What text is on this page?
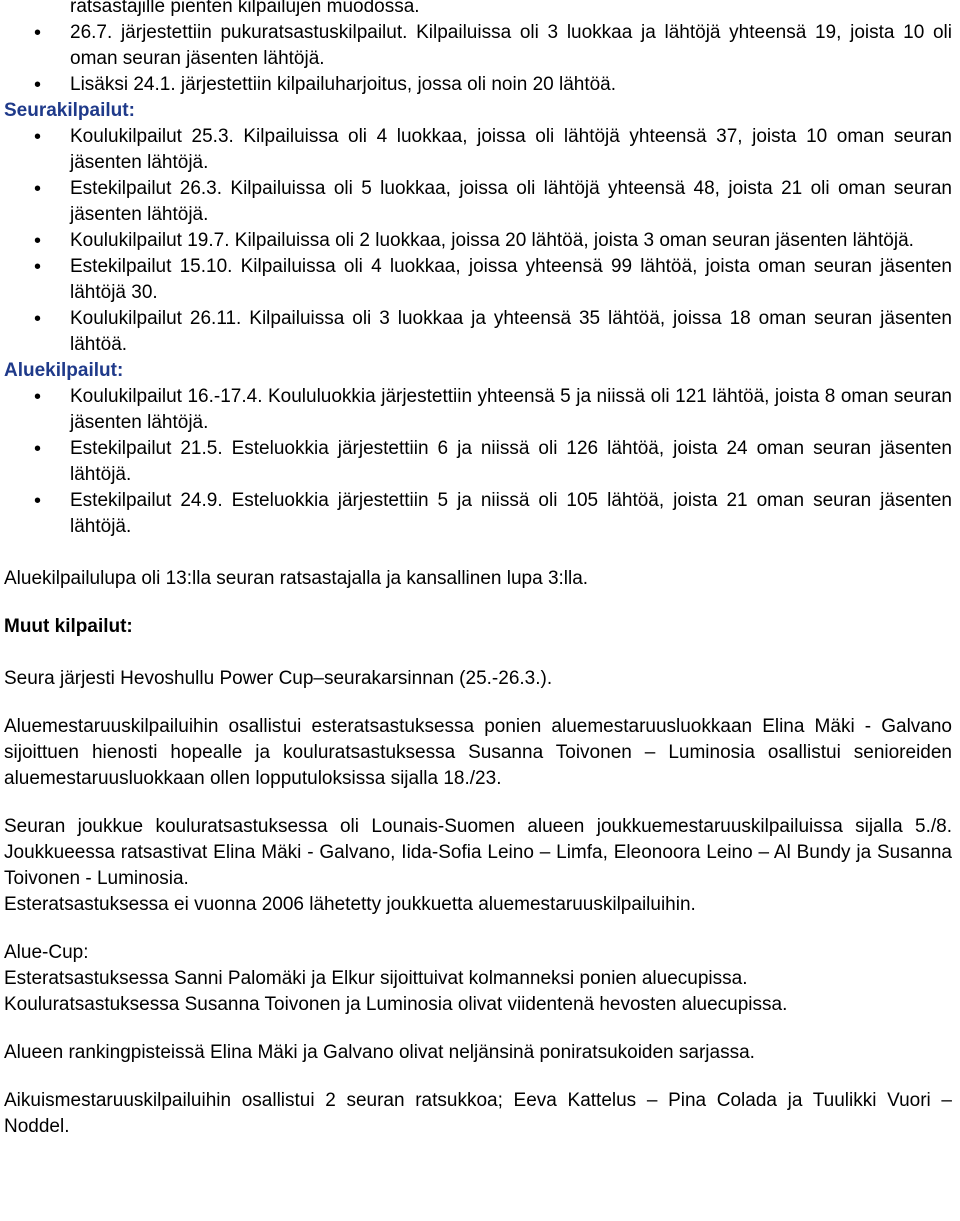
ratsastajille pienten kilpailujen muodossa.

• 26.7. järjestettiin pukuratsastuskilpailut. Kilpailuissa oli 3 luokkaa ja lähtöjä yhteensä 19, joista 10 oli oman seuran jäsenten lähtöjä.
• Lisäksi 24.1. järjestettiin kilpailuharjoitus, jossa oli noin 20 lähtöä.

Seurakilpailut:

• Koulukilpailut 25.3. Kilpailuissa oli 4 luokkaa, joissa oli lähtöjä yhteensä 37, joista 10 oman seuran jäsenten lähtöjä.
• Estekilpailut 26.3. Kilpailuissa oli 5 luokkaa, joissa oli lähtöjä yhteensä 48, joista 21 oli oman seuran jäsenten lähtöjä.
• Koulukilpailut 19.7. Kilpailuissa oli 2 luokkaa, joissa 20 lähtöä, joista 3 oman seuran jäsenten lähtöjä.
• Estekilpailut 15.10. Kilpailuissa oli 4 luokkaa, joissa yhteensä 99 lähtöä, joista oman seuran jäsenten lähtöjä 30.
• Koulukilpailut 26.11. Kilpailuissa oli 3 luokkaa ja yhteensä 35 lähtöä, joissa 18 oman seuran jäsenten lähtöä.

Aluekilpailut:

• Koulukilpailut 16.-17.4. Koululuokkia järjestettiin yhteensä 5 ja niissä oli 121 lähtöä, joista 8 oman seuran jäsenten lähtöjä.
• Estekilpailut 21.5. Esteluokkia järjestettiin 6 ja niissä oli 126 lähtöä, joista 24 oman seuran jäsenten lähtöjä.
• Estekilpailut 24.9. Esteluokkia järjestettiin 5 ja niissä oli 105 lähtöä, joista 21 oman seuran jäsenten lähtöjä.

Aluekilpailulupa oli 13:lla seuran ratsastajalla ja kansallinen lupa 3:lla.

Muut kilpailut:

Seura järjesti Hevoshullu Power Cup–seurakarsinnan (25.-26.3.).

Aluemestaruuskilpailuihin osallistui esteratsastuksessa ponien aluemestaruusluokkaan Elina Mäki - Galvano sijoittuen hienosti hopealle ja kouluratsastuksessa Susanna Toivonen – Luminosia osallistui senioreiden aluemestaruusluokkaan ollen lopputuloksissa sijalla 18./23.

Seuran joukkue kouluratsastuksessa oli Lounais-Suomen alueen joukkuemestaruuskilpailuissa sijalla 5./8. Joukkueessa ratsastivat Elina Mäki - Galvano, Iida-Sofia Leino – Limfa, Eleonoora Leino – Al Bundy ja Susanna Toivonen - Luminosia.

Esteratsastuksessa ei vuonna 2006 lähetetty joukkuetta aluemestaruuskilpailuihin.

Alue-Cup:

Esteratsastuksessa Sanni Palomäki ja Elkur sijoittuivat kolmanneksi ponien aluecupissa.

Kouluratsastuksessa Susanna Toivonen ja Luminosia olivat viidentenä hevosten aluecupissa.

Alueen rankingpisteissä Elina Mäki ja Galvano olivat neljänsinä poniratsukoiden sarjassa.

Aikuismestaruuskilpailuihin osallistui 2 seuran ratsukkoa; Eeva Kattelus – Pina Colada ja Tuulikki Vuori – Noddel.
